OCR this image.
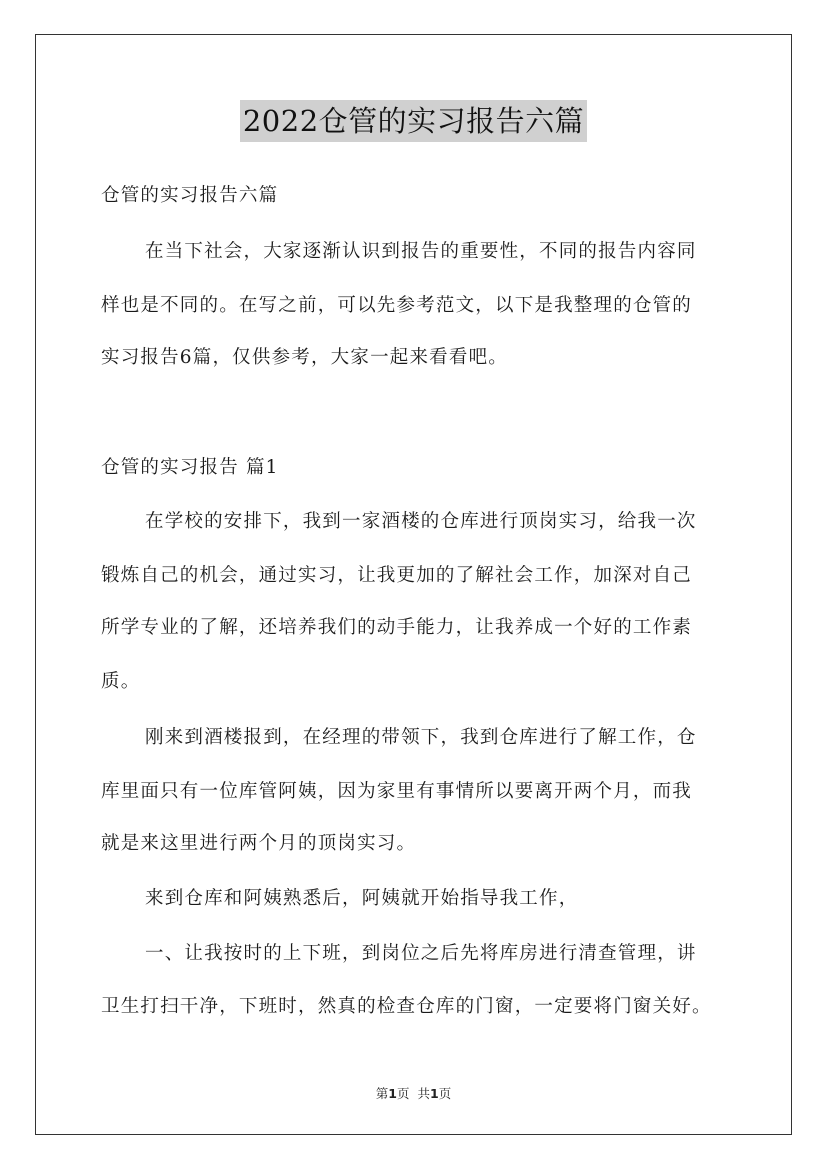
2022仓管的实习报告六篇
仓管的实习报告六篇
在当下社会，大家逐渐认识到报告的重要性，不同的报告内容同
样也是不同的。在写之前，可以先参考范文，以下是我整理的仓管的
实习报告6篇，仅供参考，大家一起来看看吧。
仓管的实习报告 篇1
在学校的安排下，我到一家酒楼的仓库进行顶岗实习，给我一次
锻炼自己的机会，通过实习，让我更加的了解社会工作，加深对自己
所学专业的了解，还培养我们的动手能力，让我养成一个好的工作素
质。
刚来到酒楼报到，在经理的带领下，我到仓库进行了解工作，仓
库里面只有一位库管阿姨，因为家里有事情所以要离开两个月，而我
就是来这里进行两个月的顶岗实习。
来到仓库和阿姨熟悉后，阿姨就开始指导我工作，
一、让我按时的上下班，到岗位之后先将库房进行清查管理，讲
卫生打扫干净，下班时，然真的检查仓库的门窗，一定要将门窗关好。
第1页 共1页
